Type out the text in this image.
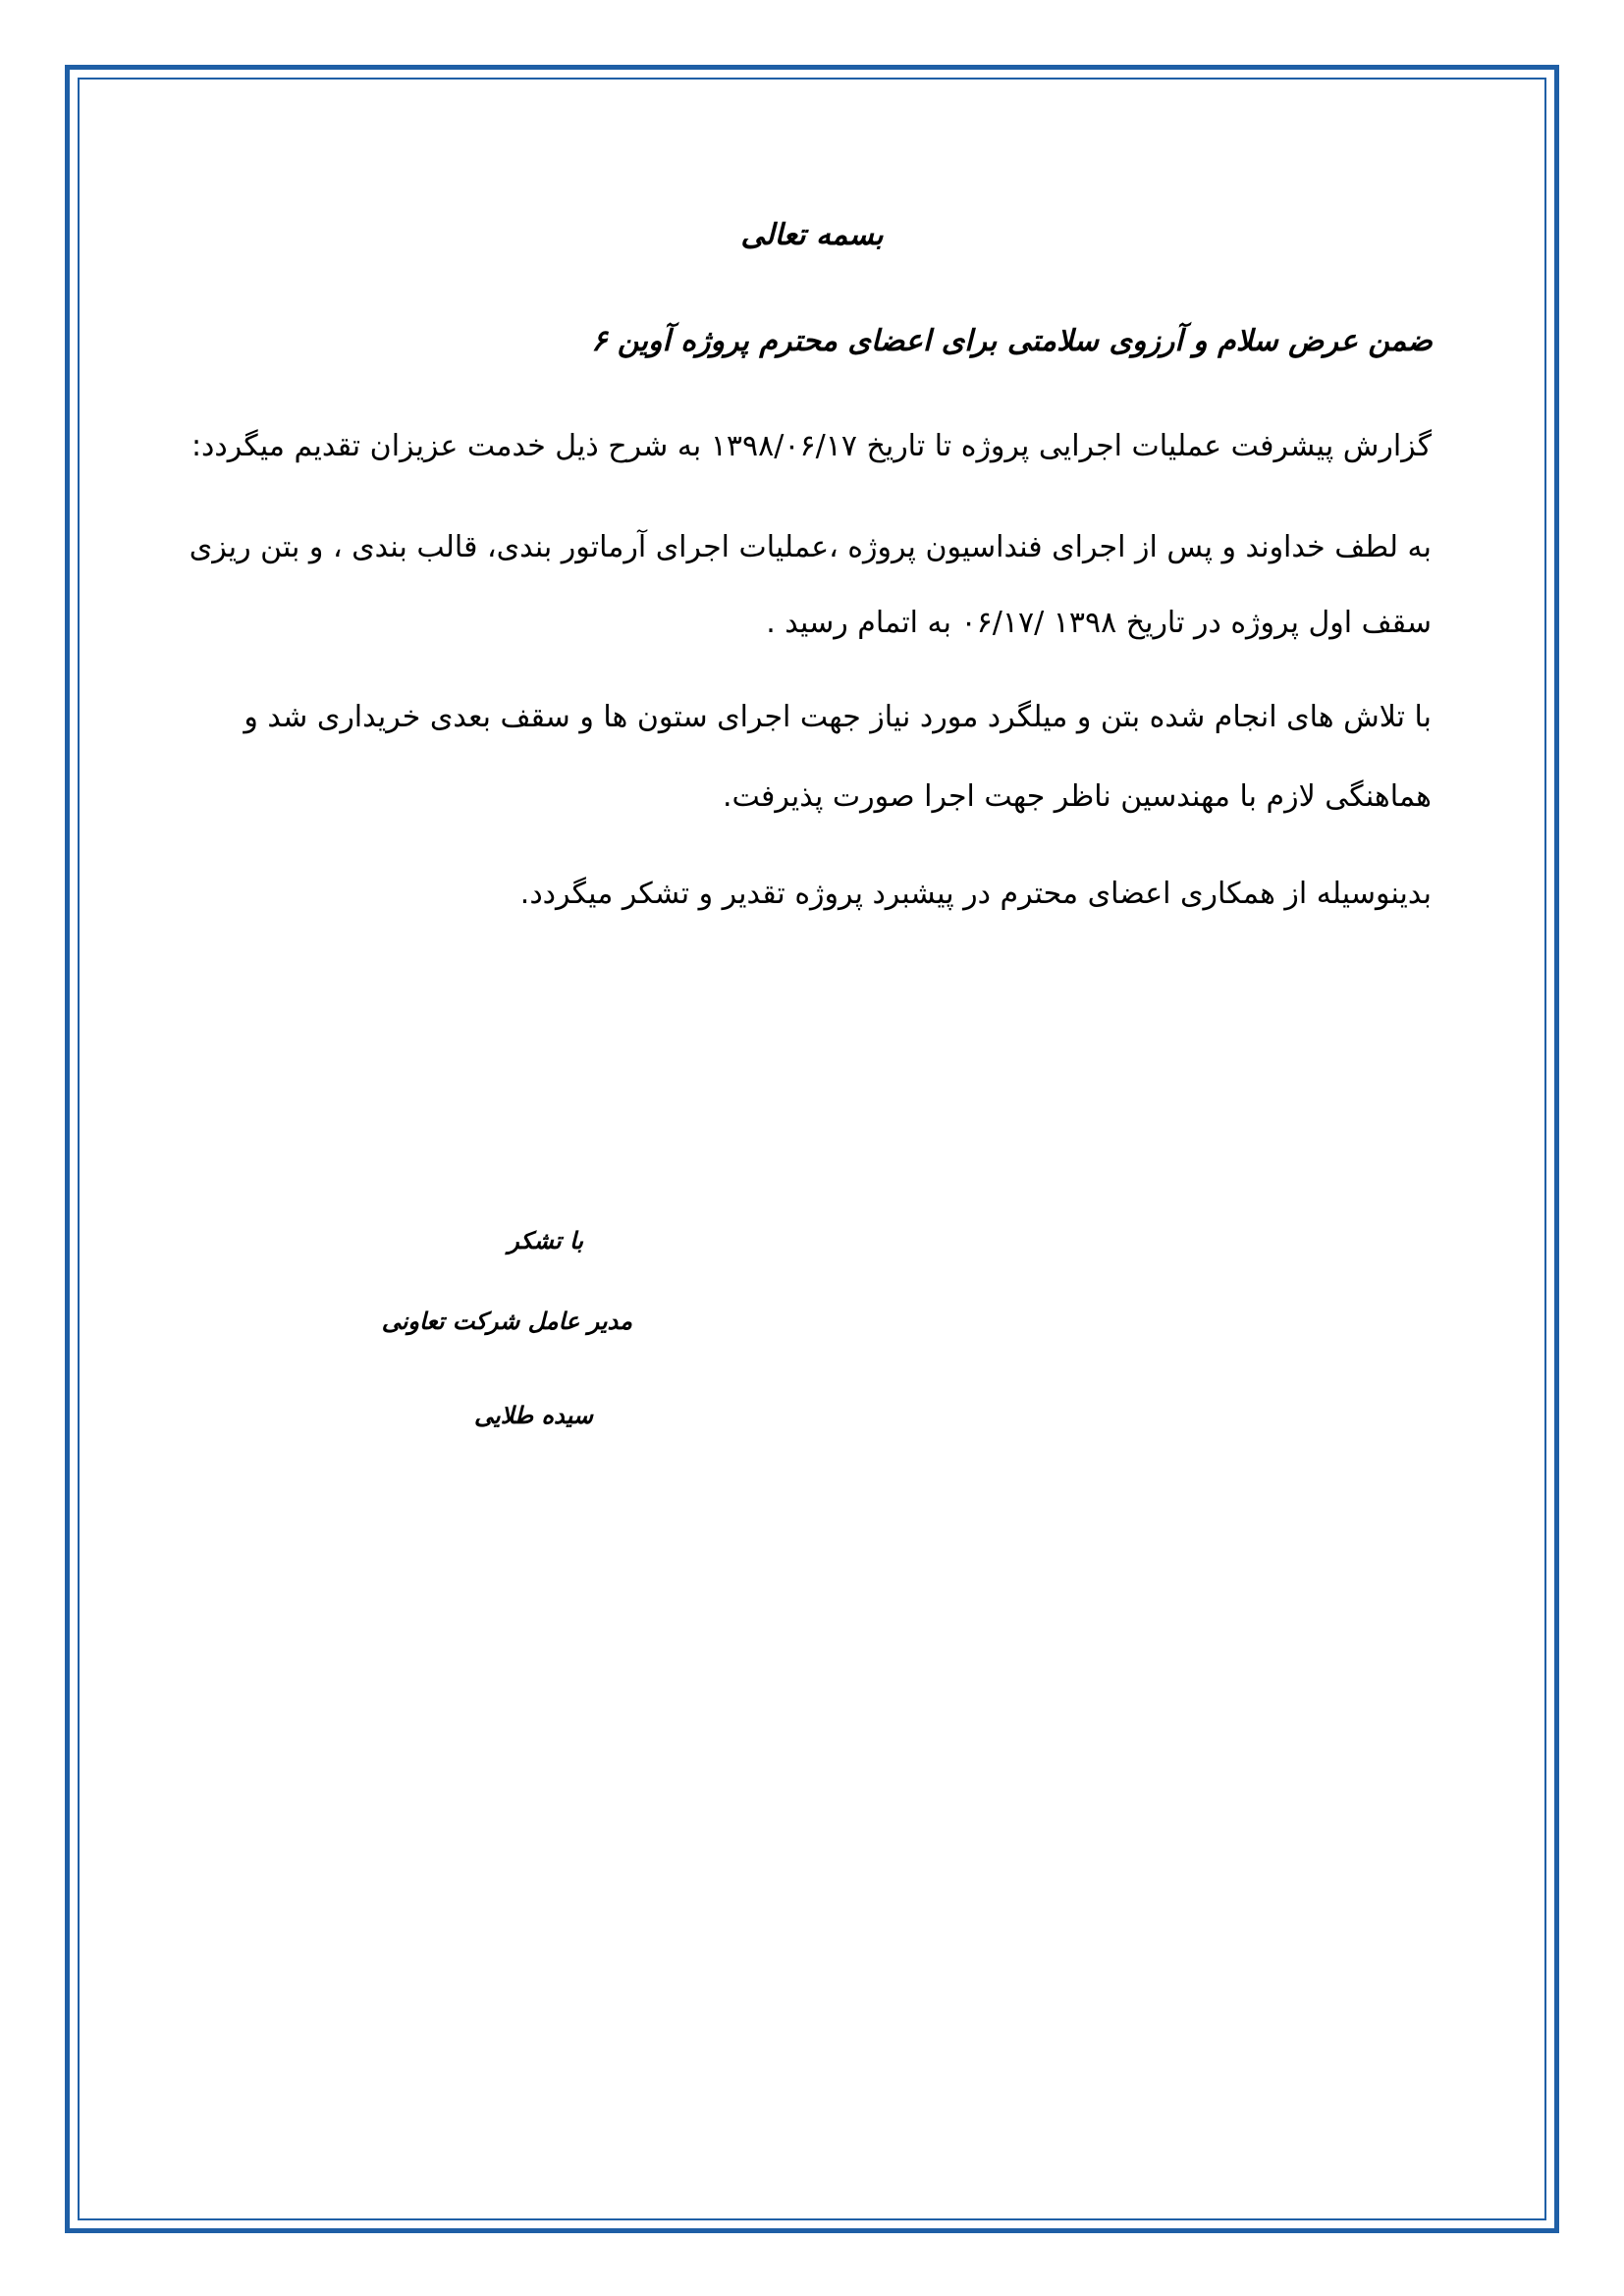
بسمه تعالی
ضمن عرض سلام و آرزوی سلامتی برای اعضای محترم پروژه آوین ۶
گزارش پیشرفت عملیات اجرایی پروژه تا تاریخ ۱۳۹۸/۰۶/۱۷ به شرح ذیل خدمت عزیزان تقدیم میگردد:
به لطف خداوند و پس از اجرای فنداسیون پروژه ،عملیات اجرای آرماتور بندی، قالب بندی ، و بتن ریزی
سقف اول پروژه در تاریخ ۱۳۹۸ /۰۶/۱۷ به اتمام رسید .
با تلاش های انجام شده بتن و میلگرد مورد نیاز جهت اجرای ستون ها و سقف بعدی خریداری شد و
هماهنگی لازم با مهندسین ناظر جهت اجرا صورت پذیرفت.
بدینوسیله از همکاری اعضای محترم در پیشبرد پروژه تقدیر و تشکر میگردد.
با تشکر
مدیر عامل شرکت تعاونی
سیده طلایی
